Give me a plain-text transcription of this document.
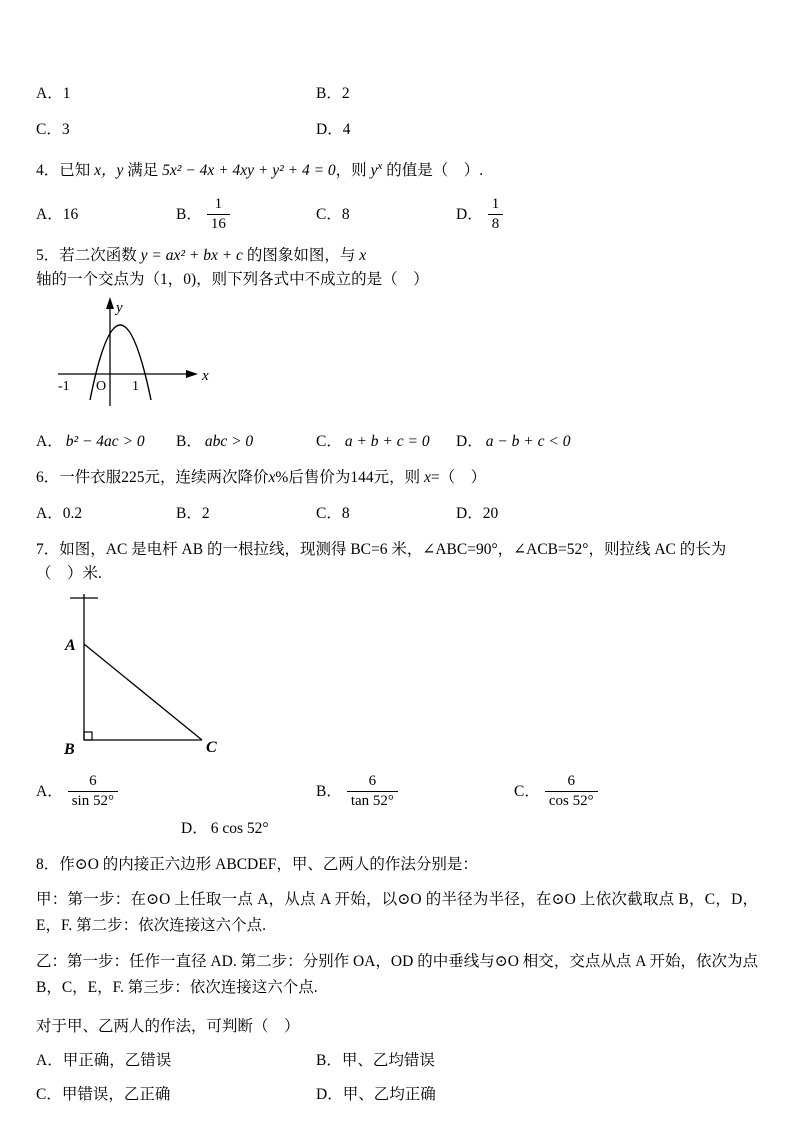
A．1	B．2
C．3	D．4
4．已知 x，y 满足 5x² − 4x + 4xy + y² + 4 = 0，则 $y^x$ 的值是（　）.
A．16	B． $\frac{1}{16}$	C．8	D． $\frac{1}{8}$
5．若二次函数 y = ax² + bx + c 的图象如图，与 x 轴的一个交点为（1，0)，则下列各式中不成立的是（　）
y
x
-1 O 1
A． b² − 4ac > 0 B． abc > 0	C． a + b + c = 0 D． a − b + c < 0
6．一件衣服225元，连续两次降价x%后售价为144元，则 x=（　）
A．0.2	B．2	C．8	D．20
7．如图，AC 是电杆 AB 的一根拉线，现测得 BC=6 米，∠ABC=90°，∠ACB=52°，则拉线 AC 的长为（　）米.
A
B	C
A． $\frac{6}{\sin 52^\circ}$	B． $\frac{6}{\tan 52^\circ}$	C． $\frac{6}{\cos 52^\circ}$
D． 6 cos 52°
8．作⊙O 的内接正六边形 ABCDEF，甲、乙两人的作法分别是：
甲：第一步：在⊙O 上任取一点 A，从点 A 开始，以⊙O 的半径为半径，在⊙O 上依次截取点 B，C，D，E，F. 第二步：依次连接这六个点.
乙：第一步：任作一直径 AD. 第二步：分别作 OA，OD 的中垂线与⊙O 相交，交点从点 A 开始，依次为点 B，C，E，F. 第三步：依次连接这六个点.
对于甲、乙两人的作法，可判断（　）
A．甲正确，乙错误	B．甲、乙均错误
C．甲错误，乙正确	D．甲、乙均正确
